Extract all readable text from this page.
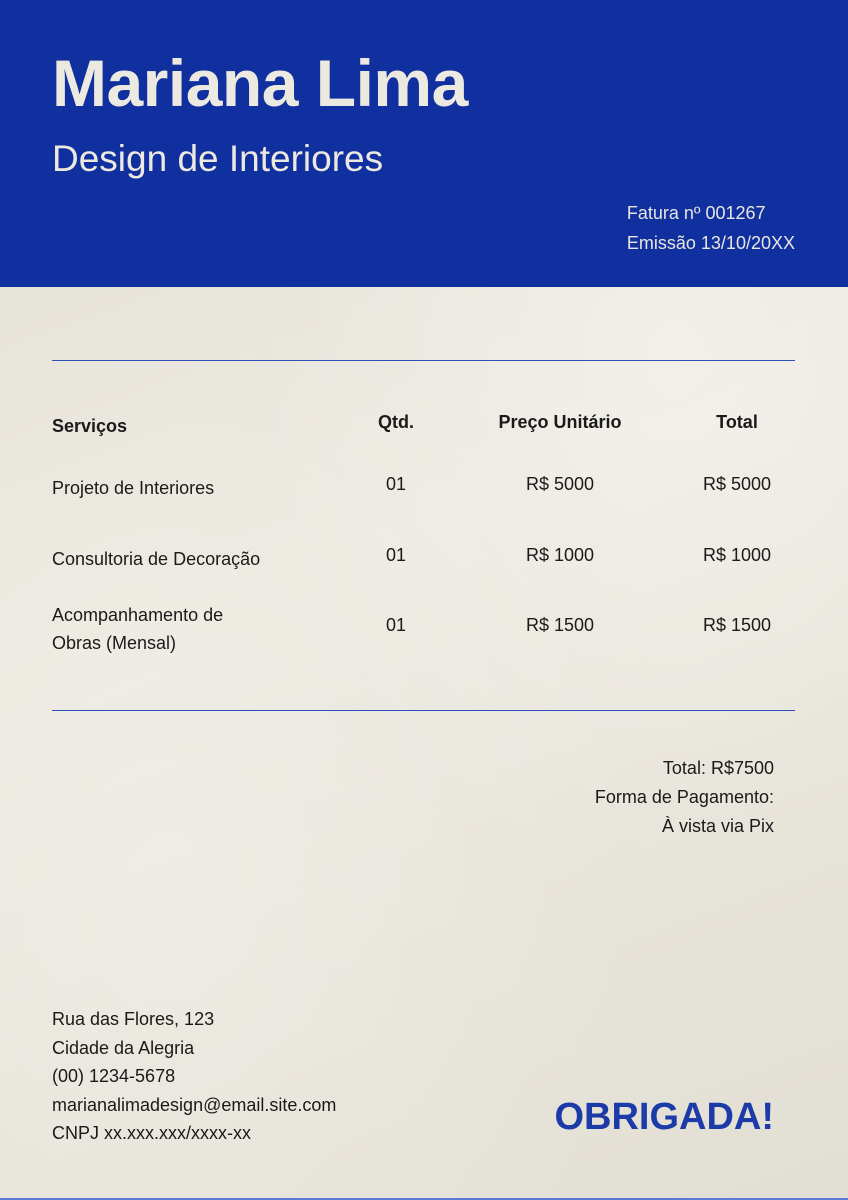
Mariana Lima
Design de Interiores
Fatura nº 001267
Emissão 13/10/20XX
Serviços	Qtd.	Preço Unitário	Total
Projeto de Interiores	01	R$ 5000	R$ 5000
Consultoria de Decoração	01	R$ 1000	R$ 1000
Acompanhamento de
Obras (Mensal)
01	R$ 1500	R$ 1500
Total: R$7500
Forma de Pagamento:
À vista via Pix
Rua das Flores, 123
Cidade da Alegria
(00) 1234-5678
marianalimadesign@email.site.com
CNPJ xx.xxx.xxx/xxxx-xx	OBRIGADA!
